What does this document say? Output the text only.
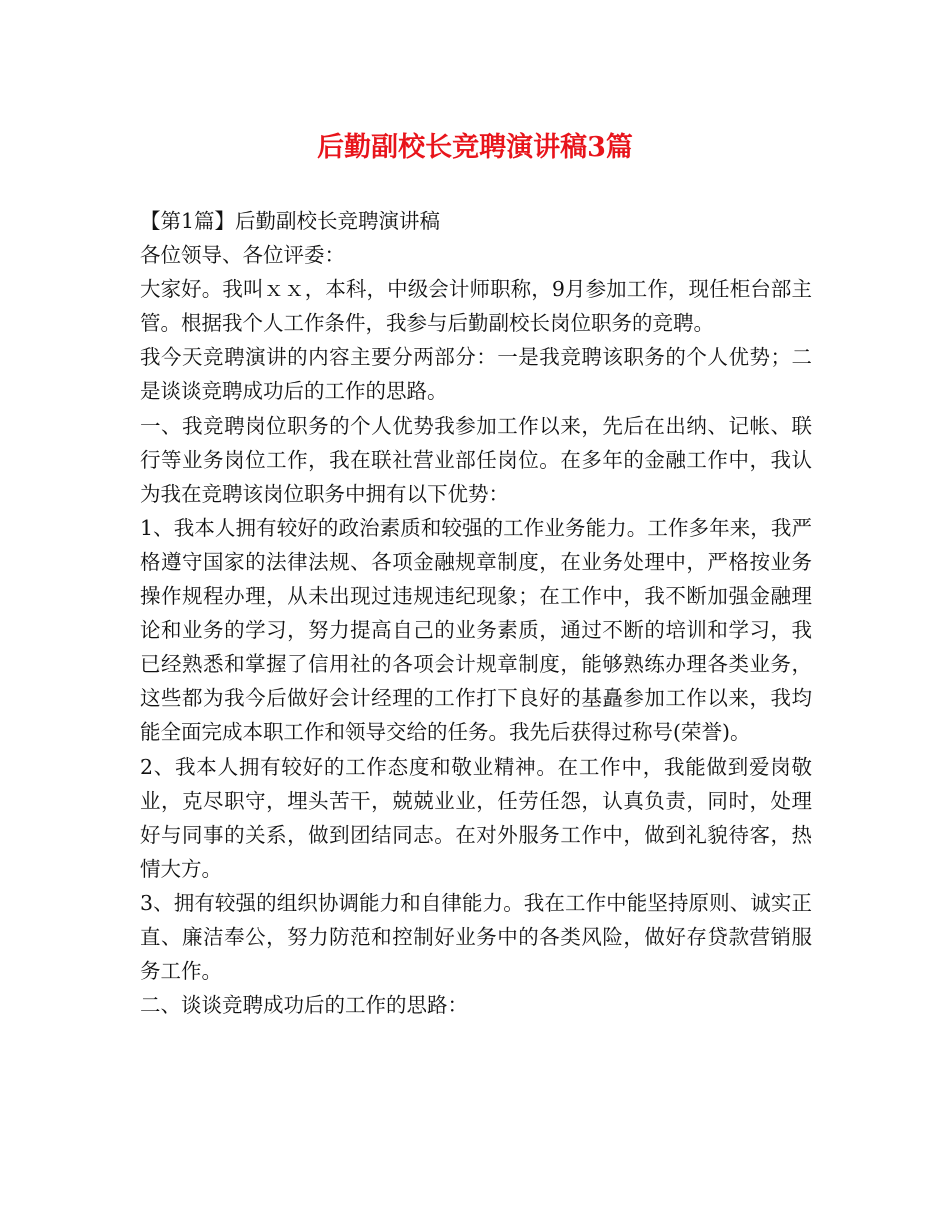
后勤副校长竞聘演讲稿3篇

【第1篇】后勤副校长竞聘演讲稿

各位领导、各位评委：

大家好。我叫ｘｘ，本科，中级会计师职称，9月参加工作，现任柜台部主管。根据我个人工作条件，我参与后勤副校长岗位职务的竞聘。

我今天竞聘演讲的内容主要分两部分：一是我竞聘该职务的个人优势；二是谈谈竞聘成功后的工作的思路。

一、我竞聘岗位职务的个人优势我参加工作以来，先后在出纳、记帐、联行等业务岗位工作，我在联社营业部任岗位。在多年的金融工作中，我认为我在竞聘该岗位职务中拥有以下优势：

1、我本人拥有较好的政治素质和较强的工作业务能力。工作多年来，我严格遵守国家的法律法规、各项金融规章制度，在业务处理中，严格按业务操作规程办理，从未出现过违规违纪现象；在工作中，我不断加强金融理论和业务的学习，努力提高自己的业务素质，通过不断的培训和学习，我已经熟悉和掌握了信用社的各项会计规章制度，能够熟练办理各类业务，这些都为我今后做好会计经理的工作打下良好的基矗参加工作以来，我均能全面完成本职工作和领导交给的任务。我先后获得过称号(荣誉)。

2、我本人拥有较好的工作态度和敬业精神。在工作中，我能做到爱岗敬业，克尽职守，埋头苦干，兢兢业业，任劳任怨，认真负责，同时，处理好与同事的关系，做到团结同志。在对外服务工作中，做到礼貌待客，热情大方。

3、拥有较强的组织协调能力和自律能力。我在工作中能坚持原则、诚实正直、廉洁奉公，努力防范和控制好业务中的各类风险，做好存贷款营销服务工作。

二、谈谈竞聘成功后的工作的思路：
